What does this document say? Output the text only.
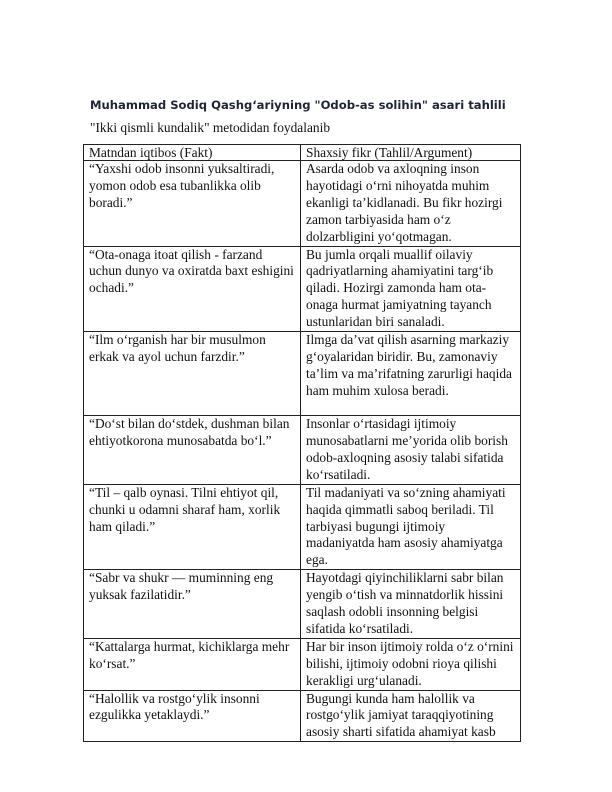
Muhammad Sodiq Qashg‘ariyning "Odob-as solihin" asari tahlili
"Ikki qismli kundalik" metodidan foydalanib
Matndan iqtibos (Fakt)	Shaxsiy fikr (Tahlil/Argument)
“Yaxshi odob insonni yuksaltiradi, yomon odob esa tubanlikka olib boradi.”	Asarda odob va axloqning inson hayotidagi o‘rni nihoyatda muhim ekanligi ta’kidlanadi. Bu fikr hozirgi zamon tarbiyasida ham o‘z dolzarbligini yo‘qotmagan.
“Ota-onaga itoat qilish - farzand uchun dunyo va oxiratda baxt eshigini ochadi.”	Bu jumla orqali muallif oilaviy qadriyatlarning ahamiyatini targ‘ib qiladi. Hozirgi zamonda ham ota-onaga hurmat jamiyatning tayanch ustunlaridan biri sanaladi.
“Ilm o‘rganish har bir musulmon erkak va ayol uchun farzdir.”	Ilmga da’vat qilish asarning markaziy g‘oyalaridan biridir. Bu, zamonaviy ta’lim va ma’rifatning zarurligi haqida ham muhim xulosa beradi.
“Do‘st bilan do‘stdek, dushman bilan ehtiyotkorona munosabatda bo‘l.”	Insonlar o‘rtasidagi ijtimoiy munosabatlarni me’yorida olib borish odob-axloqning asosiy talabi sifatida ko‘rsatiladi.
“Til – qalb oynasi. Tilni ehtiyot qil, chunki u odamni sharaf ham, xorlik ham qiladi.”	Til madaniyati va so‘zning ahamiyati haqida qimmatli saboq beriladi. Til tarbiyasi bugungi ijtimoiy madaniyatda ham asosiy ahamiyatga ega.
“Sabr va shukr — muminning eng yuksak fazilatidir.”	Hayotdagi qiyinchiliklarni sabr bilan yengib o‘tish va minnatdorlik hissini saqlash odobli insonning belgisi sifatida ko‘rsatiladi.
“Kattalarga hurmat, kichiklarga mehr ko‘rsat.”	Har bir inson ijtimoiy rolda o‘z o‘rnini bilishi, ijtimoiy odobni rioya qilishi kerakligi urg‘ulanadi.
“Halollik va rostgo‘ylik insonni ezgulikka yetaklaydi.”	Bugungi kunda ham halollik va rostgo‘ylik jamiyat taraqqiyotining asosiy sharti sifatida ahamiyat kasb
